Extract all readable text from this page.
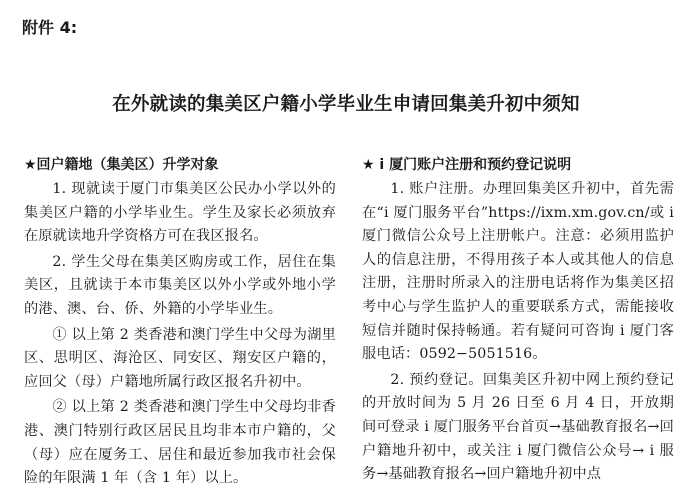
附件 4:
在外就读的集美区户籍小学毕业生申请回集美升初中须知
★回户籍地（集美区）升学对象

1. 现就读于厦门市集美区公民办小学以外的集美区户籍的小学毕业生。学生及家长必须放弃在原就读地升学资格方可在我区报名。

2. 学生父母在集美区购房或工作，居住在集美区，且就读于本市集美区以外小学或外地小学的港、澳、台、侨、外籍的小学毕业生。

① 以上第 2 类香港和澳门学生中父母为湖里区、思明区、海沧区、同安区、翔安区户籍的，应回父（母）户籍地所属行政区报名升初中。

② 以上第 2 类香港和澳门学生中父母均非香港、澳门特别行政区居民且均非本市户籍的，父（母）应在厦务工、居住和最近参加我市社会保险的年限满 1 年（含 1 年）以上。

★ i 厦门账户注册和预约登记说明

1. 账户注册。办理回集美区升初中，首先需在“i 厦门服务平台”https://ixm.xm.gov.cn/或 i 厦门微信公众号上注册帐户。注意：必须用监护人的信息注册，不得用孩子本人或其他人的信息注册，注册时所录入的注册电话将作为集美区招考中心与学生监护人的重要联系方式，需能接收短信并随时保持畅通。若有疑问可咨询 i 厦门客服电话：0592−5051516。

2. 预约登记。回集美区升初中网上预约登记的开放时间为 5 月 26 日至 6 月 4 日，开放期间可登录 i 厦门服务平台首页→基础教育报名→回户籍地升初中，或关注 i 厦门微信公众号→ i 服务→基础教育报名→回户籍地升初中点
